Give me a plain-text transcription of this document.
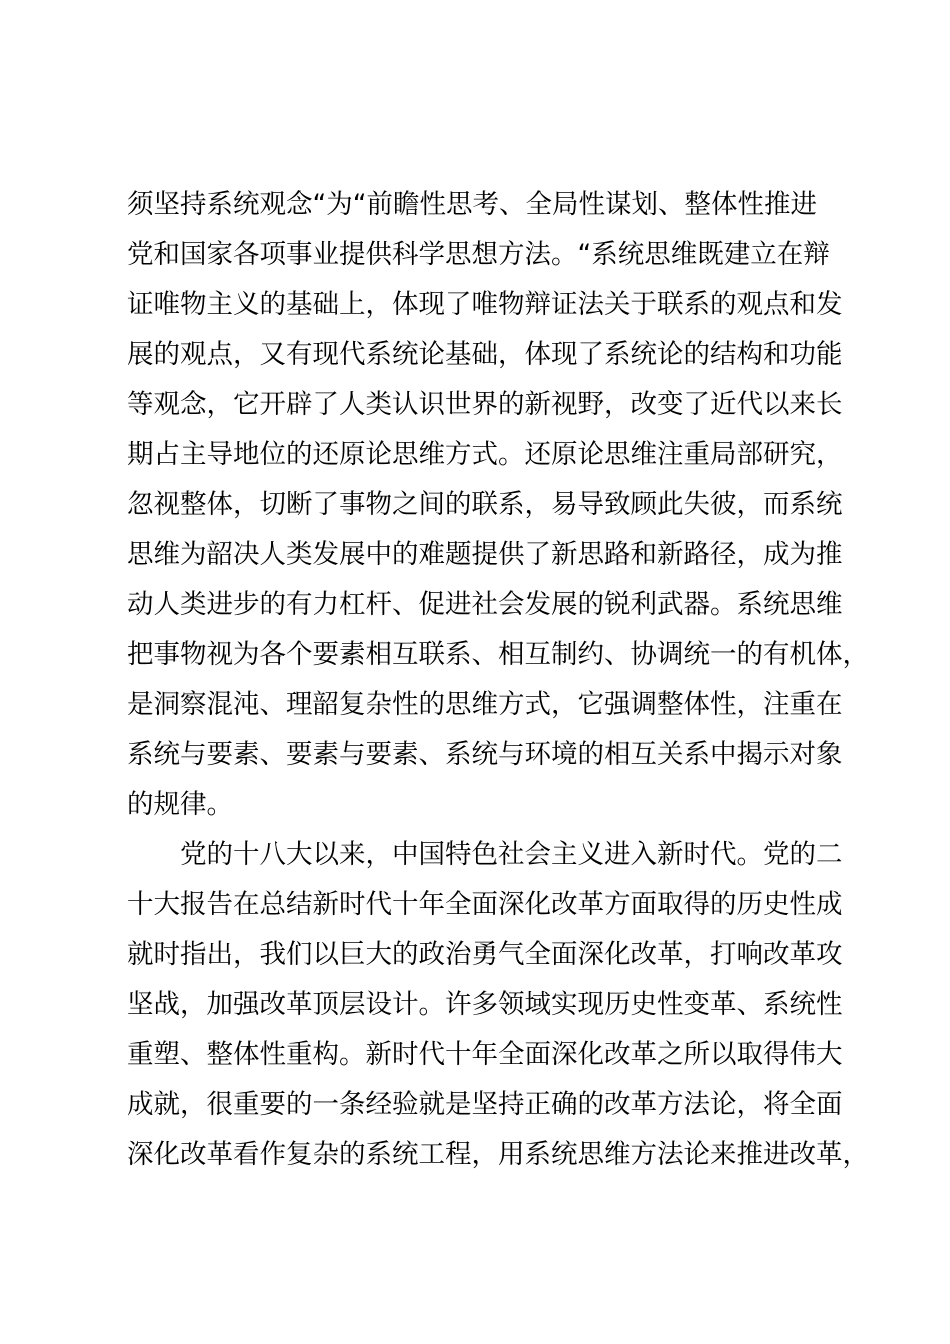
须坚持系统观念“为“前瞻性思考、全局性谋划、整体性推进
党和国家各项事业提供科学思想方法。“系统思维既建立在辩
证唯物主义的基础上，体现了唯物辩证法关于联系的观点和发
展的观点，又有现代系统论基础，体现了系统论的结构和功能
等观念，它开辟了人类认识世界的新视野，改变了近代以来长
期占主导地位的还原论思维方式。还原论思维注重局部研究，
忽视整体，切断了事物之间的联系，易导致顾此失彼，而系统
思维为韶决人类发展中的难题提供了新思路和新路径，成为推
动人类进步的有力杠杆、促进社会发展的锐利武器。系统思维
把事物视为各个要素相互联系、相互制约、协调统一的有机体，
是洞察混沌、理韶复杂性的思维方式，它强调整体性，注重在
系统与要素、要素与要素、系统与环境的相互关系中揭示对象
的规律。
党的十八大以来，中国特色社会主义进入新时代。党的二
十大报告在总结新时代十年全面深化改革方面取得的历史性成
就时指出，我们以巨大的政治勇气全面深化改革，打响改革攻
坚战，加强改革顶层设计。许多领域实现历史性变革、系统性
重塑、整体性重构。新时代十年全面深化改革之所以取得伟大
成就，很重要的一条经验就是坚持正确的改革方法论，将全面
深化改革看作复杂的系统工程，用系统思维方法论来推进改革，
